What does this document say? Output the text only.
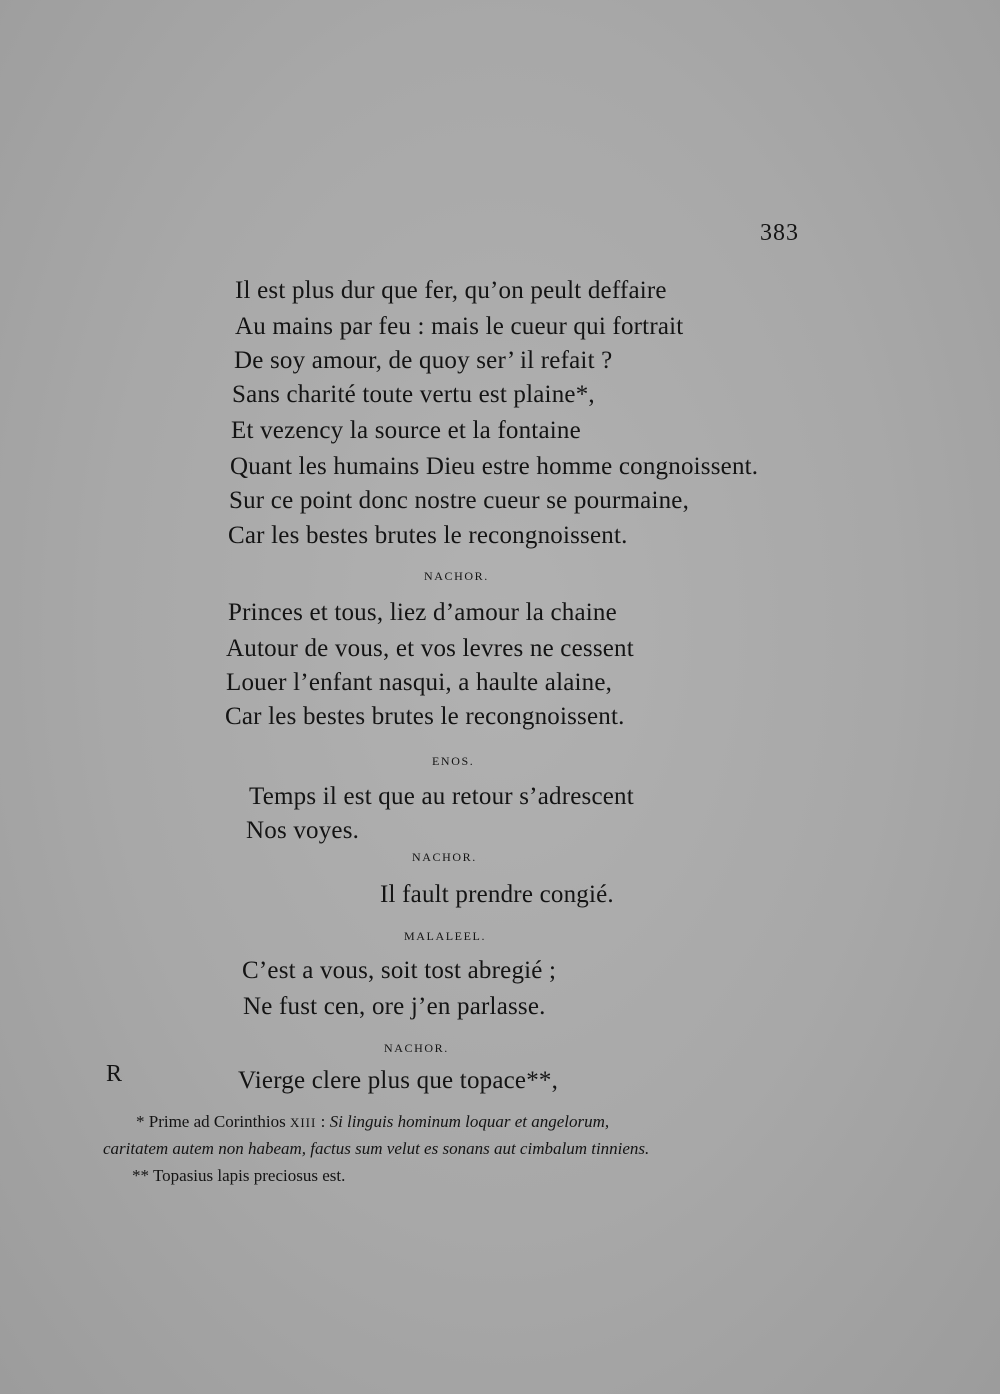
383
Il est plus dur que fer, qu’on peult deffaire
Au mains par feu : mais le cueur qui fortrait
De soy amour, de quoy ser’ il refait ?
Sans charité toute vertu est plaine*,
Et vezency la source et la fontaine
Quant les humains Dieu estre homme congnoissent.
Sur ce point donc nostre cueur se pourmaine,
Car les bestes brutes le recongnoissent.
NACHOR.
Princes et tous, liez d’amour la chaine
Autour de vous, et vos levres ne cessent
Louer l’enfant nasqui, a haulte alaine,
Car les bestes brutes le recongnoissent.
ENOS.
Temps il est que au retour s’adrescent
Nos voyes.
NACHOR.
Il fault prendre congié.
MALALEEL.
C’est a vous, soit tost abregié ;
Ne fust cen, ore j’en parlasse.
NACHOR.
R	Vierge clere plus que topace**,
* Prime ad Corinthios XIII : Si linguis hominum loquar et angelorum,
caritatem autem non habeam, factus sum velut es sonans aut cimbalum tinniens.
** Topasius lapis preciosus est.
